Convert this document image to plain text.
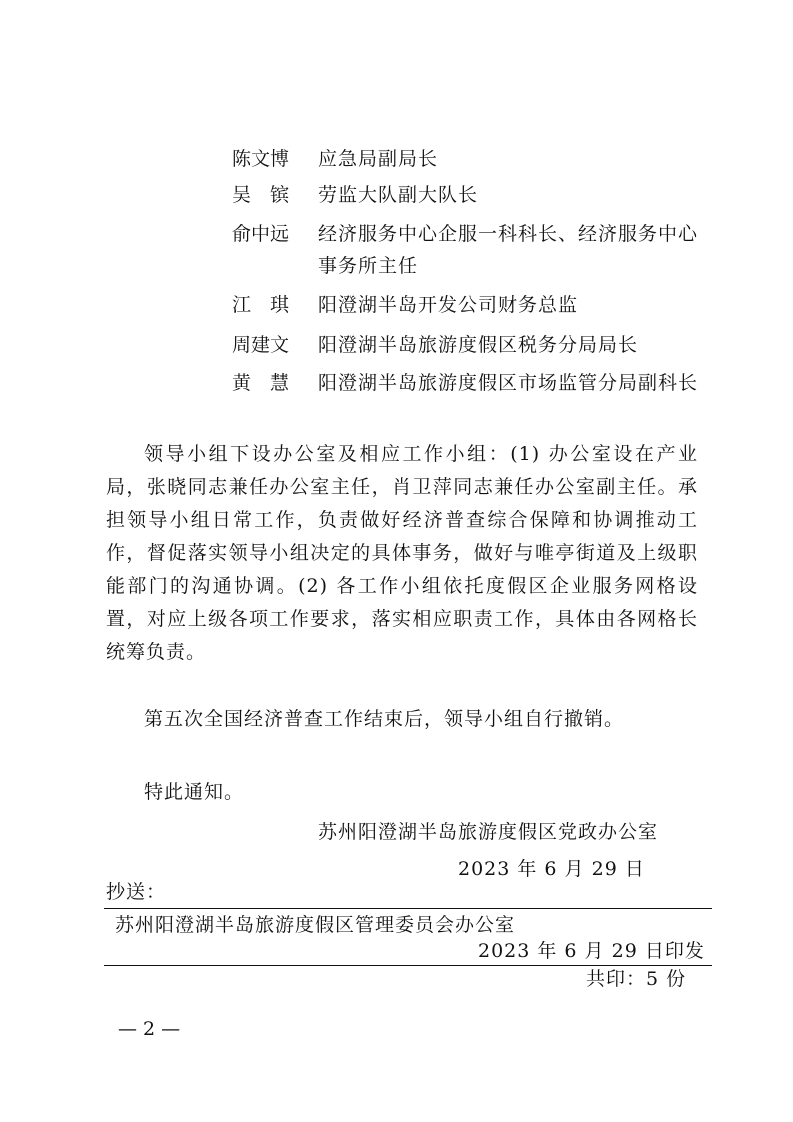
陈文博 应急局副局长
吴　镔 劳监大队副大队长
俞中远 经济服务中心企服一科科长、经济服务中心事务所主任
江　琪 阳澄湖半岛开发公司财务总监
周建文 阳澄湖半岛旅游度假区税务分局局长
黄　慧 阳澄湖半岛旅游度假区市场监管分局副科长
领导小组下设办公室及相应工作小组：(1) 办公室设在产业局，张晓同志兼任办公室主任，肖卫萍同志兼任办公室副主任。承担领导小组日常工作，负责做好经济普查综合保障和协调推动工作，督促落实领导小组决定的具体事务，做好与唯亭街道及上级职能部门的沟通协调。(2) 各工作小组依托度假区企业服务网格设置，对应上级各项工作要求，落实相应职责工作，具体由各网格长统筹负责。
第五次全国经济普查工作结束后，领导小组自行撤销。
特此通知。
苏州阳澄湖半岛旅游度假区党政办公室
2023 年 6 月 29 日
抄送：
苏州阳澄湖半岛旅游度假区管理委员会办公室
2023 年 6 月 29 日印发
共印：5 份
— 2 —
